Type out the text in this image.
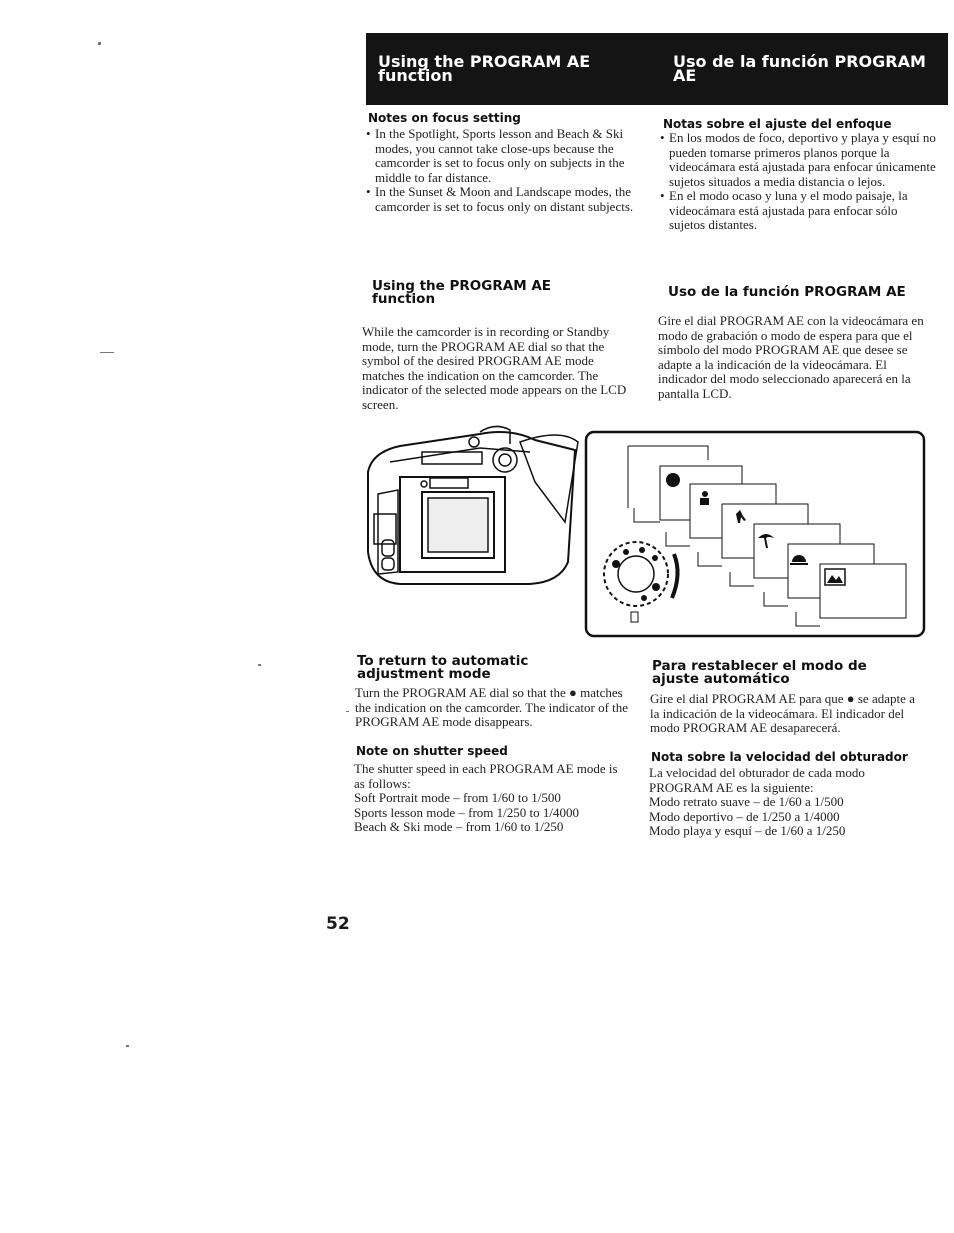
Using the PROGRAM AE function
Uso de la función PROGRAM AE
Notes on focus setting
• In the Spotlight, Sports lesson and Beach & Ski modes, you cannot take close-ups because the camcorder is set to focus only on subjects in the middle to far distance.
• In the Sunset & Moon and Landscape modes, the camcorder is set to focus only on distant subjects.
Notas sobre el ajuste del enfoque
• En los modos de foco, deportivo y playa y esquí no pueden tomarse primeros planos porque la videocámara está ajustada para enfocar únicamente sujetos situados a media distancia o lejos.
• En el modo ocaso y luna y el modo paisaje, la videocámara está ajustada para enfocar sólo sujetos distantes.
Using the PROGRAM AE function

While the camcorder is in recording or Standby mode, turn the PROGRAM AE dial so that the symbol of the desired PROGRAM AE mode matches the indication on the camcorder. The indicator of the selected mode appears on the LCD screen.

Uso de la función PROGRAM AE

Gire el dial PROGRAM AE con la videocámara en modo de grabación o modo de espera para que el símbolo del modo PROGRAM AE que desee se adapte a la indicación de la videocámara. El indicador del modo seleccionado aparecerá en la pantalla LCD.

To return to automatic adjustment mode

Turn the PROGRAM AE dial so that the ● matches the indication on the camcorder. The indicator of the PROGRAM AE mode disappears.

Para restablecer el modo de ajuste automático

Gire el dial PROGRAM AE para que ● se adapte a la indicación de la videocámara. El indicador del modo PROGRAM AE desaparecerá.

Note on shutter speed
The shutter speed in each PROGRAM AE mode is as follows:
Soft Portrait mode – from 1/60 to 1/500
Sports lesson mode – from 1/250 to 1/4000
Beach & Ski mode – from 1/60 to 1/250
Nota sobre la velocidad del obturador
La velocidad del obturador de cada modo PROGRAM AE es la siguiente:
Modo retrato suave – de 1/60 a 1/500
Modo deportivo – de 1/250 a 1/4000
Modo playa y esquí – de 1/60 a 1/250

52
